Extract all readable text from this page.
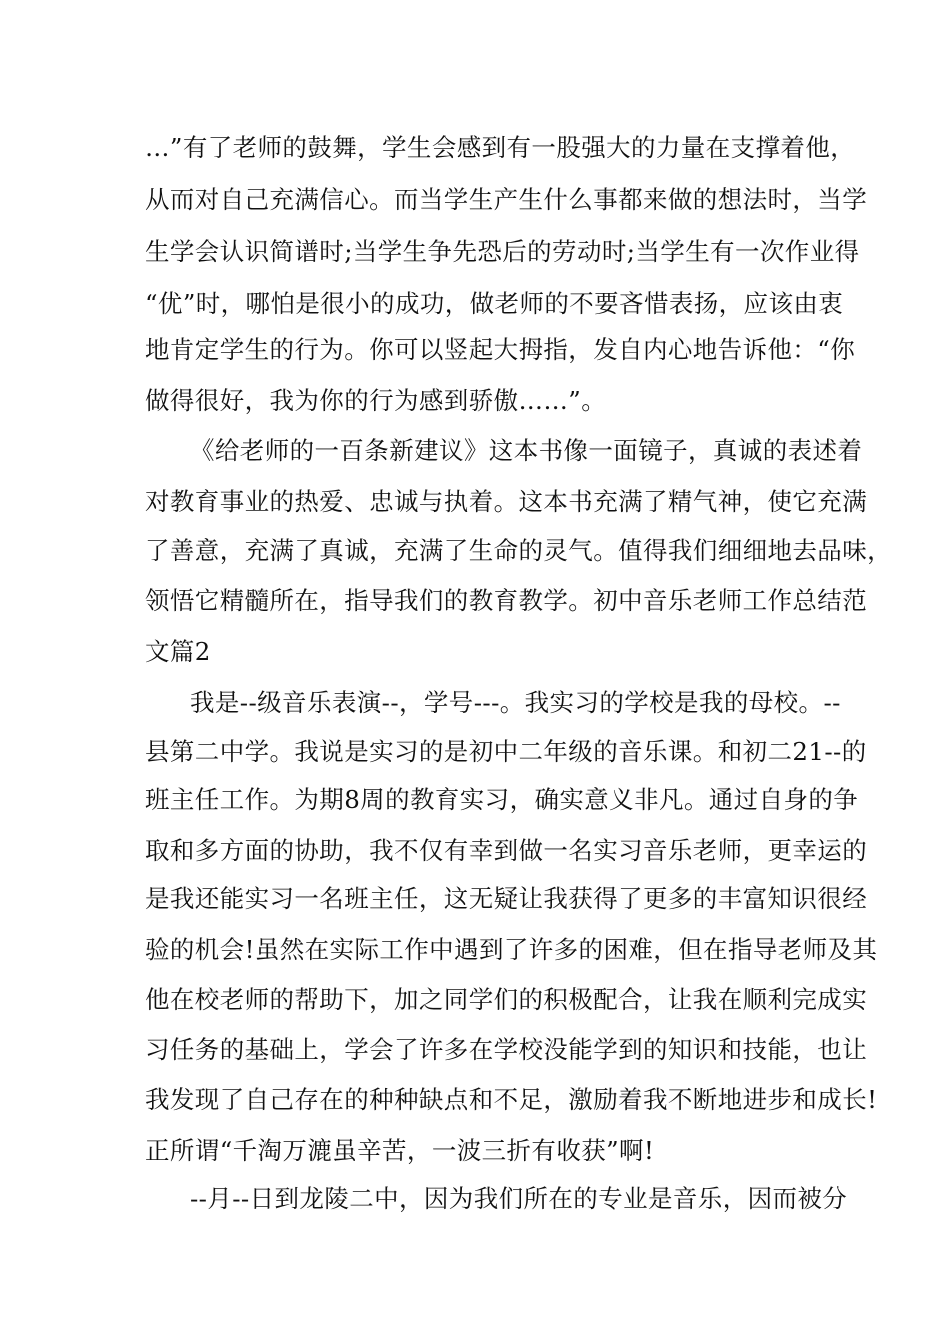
…”有了老师的鼓舞，学生会感到有一股强大的力量在支撑着他，
从而对自己充满信心。而当学生产生什么事都来做的想法时，当学
生学会认识简谱时;当学生争先恐后的劳动时;当学生有一次作业得
“优”时，哪怕是很小的成功，做老师的不要吝惜表扬，应该由衷
地肯定学生的行为。你可以竖起大拇指，发自内心地告诉他：“你
做得很好，我为你的行为感到骄傲……”。
《给老师的一百条新建议》这本书像一面镜子，真诚的表述着
对教育事业的热爱、忠诚与执着。这本书充满了精气神，使它充满
了善意，充满了真诚，充满了生命的灵气。值得我们细细地去品味，
领悟它精髓所在，指导我们的教育教学。初中音乐老师工作总结范
文篇2
我是--级音乐表演--，学号---。我实习的学校是我的母校。--
县第二中学。我说是实习的是初中二年级的音乐课。和初二21--的
班主任工作。为期8周的教育实习，确实意义非凡。通过自身的争
取和多方面的协助，我不仅有幸到做一名实习音乐老师，更幸运的
是我还能实习一名班主任，这无疑让我获得了更多的丰富知识很经
验的机会!虽然在实际工作中遇到了许多的困难，但在指导老师及其
他在校老师的帮助下，加之同学们的积极配合，让我在顺利完成实
习任务的基础上，学会了许多在学校没能学到的知识和技能，也让
我发现了自己存在的种种缺点和不足，激励着我不断地进步和成长!
正所谓“千淘万漉虽辛苦，一波三折有收获”啊!
--月--日到龙陵二中，因为我们所在的专业是音乐，因而被分
